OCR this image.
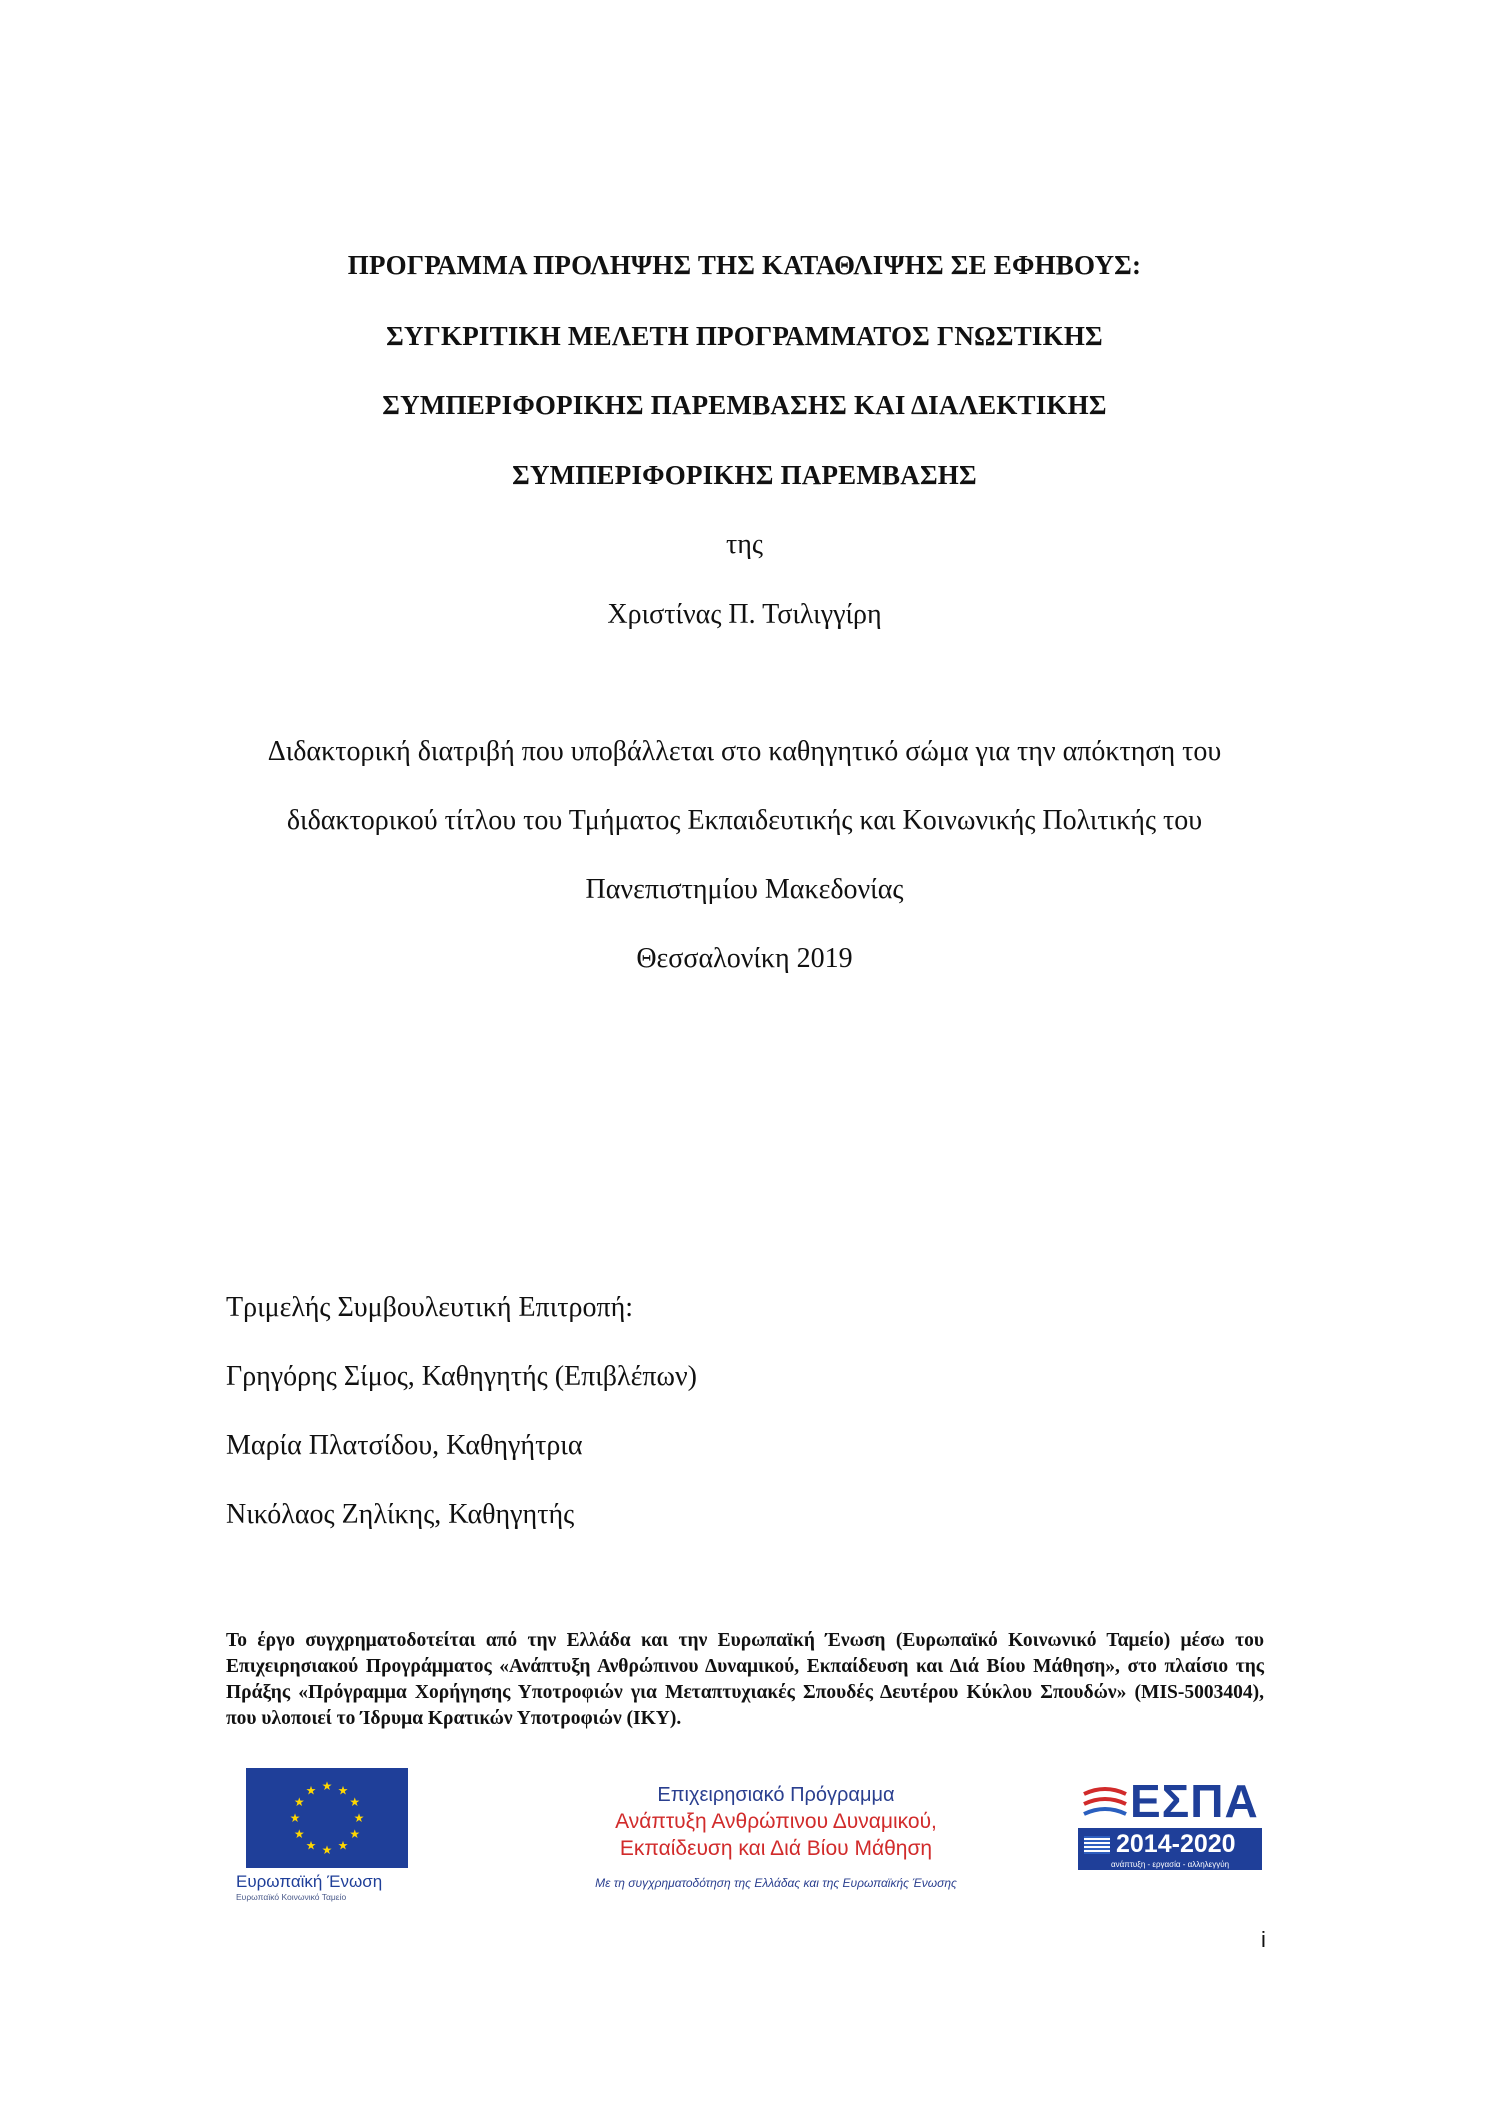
ΠΡΟΓΡΑΜΜΑ ΠΡΟΛΗΨΗΣ ΤΗΣ ΚΑΤΑΘΛΙΨΗΣ ΣΕ ΕΦΗΒΟΥΣ:
ΣΥΓΚΡΙΤΙΚΗ ΜΕΛΕΤΗ ΠΡΟΓΡΑΜΜΑΤΟΣ ΓΝΩΣΤΙΚΗΣ
ΣΥΜΠΕΡΙΦΟΡΙΚΗΣ ΠΑΡΕΜΒΑΣΗΣ ΚΑΙ ΔΙΑΛΕΚΤΙΚΗΣ
ΣΥΜΠΕΡΙΦΟΡΙΚΗΣ ΠΑΡΕΜΒΑΣΗΣ
της
Χριστίνας Π. Τσιλιγγίρη
Διδακτορική διατριβή που υποβάλλεται στο καθηγητικό σώμα για την απόκτηση του
διδακτορικού τίτλου του Τμήματος Εκπαιδευτικής και Κοινωνικής Πολιτικής του
Πανεπιστημίου Μακεδονίας
Θεσσαλονίκη 2019
Τριμελής Συμβουλευτική Επιτροπή:
Γρηγόρης Σίμος, Καθηγητής (Επιβλέπων)
Μαρία Πλατσίδου, Καθηγήτρια
Νικόλαος Ζηλίκης, Καθηγητής
Το έργο συγχρηματοδοτείται από την Ελλάδα και την Ευρωπαϊκή Ένωση (Ευρωπαϊκό Κοινωνικό Ταμείο) μέσω του Επιχειρησιακού Προγράμματος «Ανάπτυξη Ανθρώπινου Δυναμικού, Εκπαίδευση και Διά Βίου Μάθηση», στο πλαίσιο της Πράξης «Πρόγραμμα Χορήγησης Υποτροφιών για Μεταπτυχιακές Σπουδές Δευτέρου Κύκλου Σπουδών» (MIS-5003404), που υλοποιεί το Ίδρυμα Κρατικών Υποτροφιών (ΙΚΥ).
★
★
★
★
★
★
★
★
★ ★ ★
★
Ευρωπαϊκή Ένωση
Ευρωπαϊκό Κοινωνικό Ταμείο
Επιχειρησιακό Πρόγραμμα
Ανάπτυξη Ανθρώπινου Δυναμικού,
Εκπαίδευση και Διά Βίου Μάθηση
Με τη συγχρηματοδότηση της Ελλάδας και της Ευρωπαϊκής Ένωσης
ΕΣΠΑ
2014-2020
ανάπτυξη - εργασία - αλληλεγγύη
i
